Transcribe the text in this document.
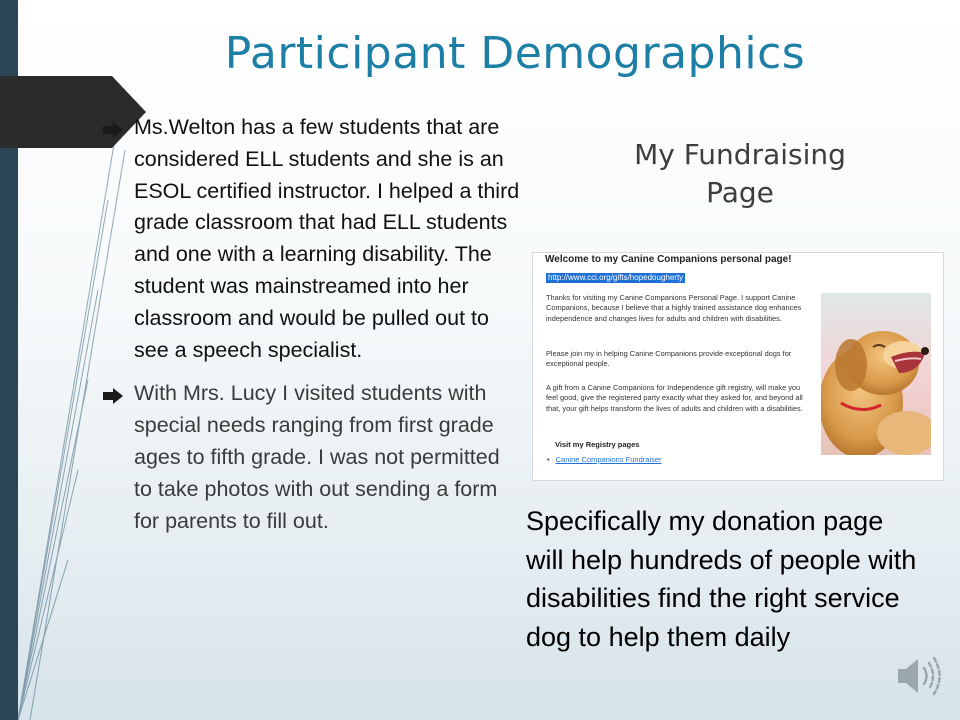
Participant Demographics
Ms.Welton has a few students that are considered ELL students and she is an ESOL certified instructor. I helped a third grade classroom that had ELL students and one with a learning disability. The student was mainstreamed into her classroom and would be pulled out to see a speech specialist.
With Mrs. Lucy I visited students with special needs ranging from first grade ages to fifth grade. I was not permitted to take photos with out sending a form for parents to fill out.
My Fundraising Page
Welcome to my Canine Companions personal page!
http://www.cci.org/gifts/hopedougherty
Thanks for visiting my Canine Companions Personal Page. I support Canine Companions, because I believe that a highly trained assistance dog enhances independence and changes lives for adults and children with disabilities.
Please join my in helping Canine Companions provide exceptional dogs for exceptional people.
A gift from a Canine Companions for Independence gift registry, will make you feel good, give the registered party exactly what they asked for, and beyond all that, your gift helps transform the lives of adults and children with a disabilities.
Visit my Registry pages
• Canine Companions Fundraiser
Specifically my donation page will help hundreds of people with disabilities find the right service dog to help them daily
